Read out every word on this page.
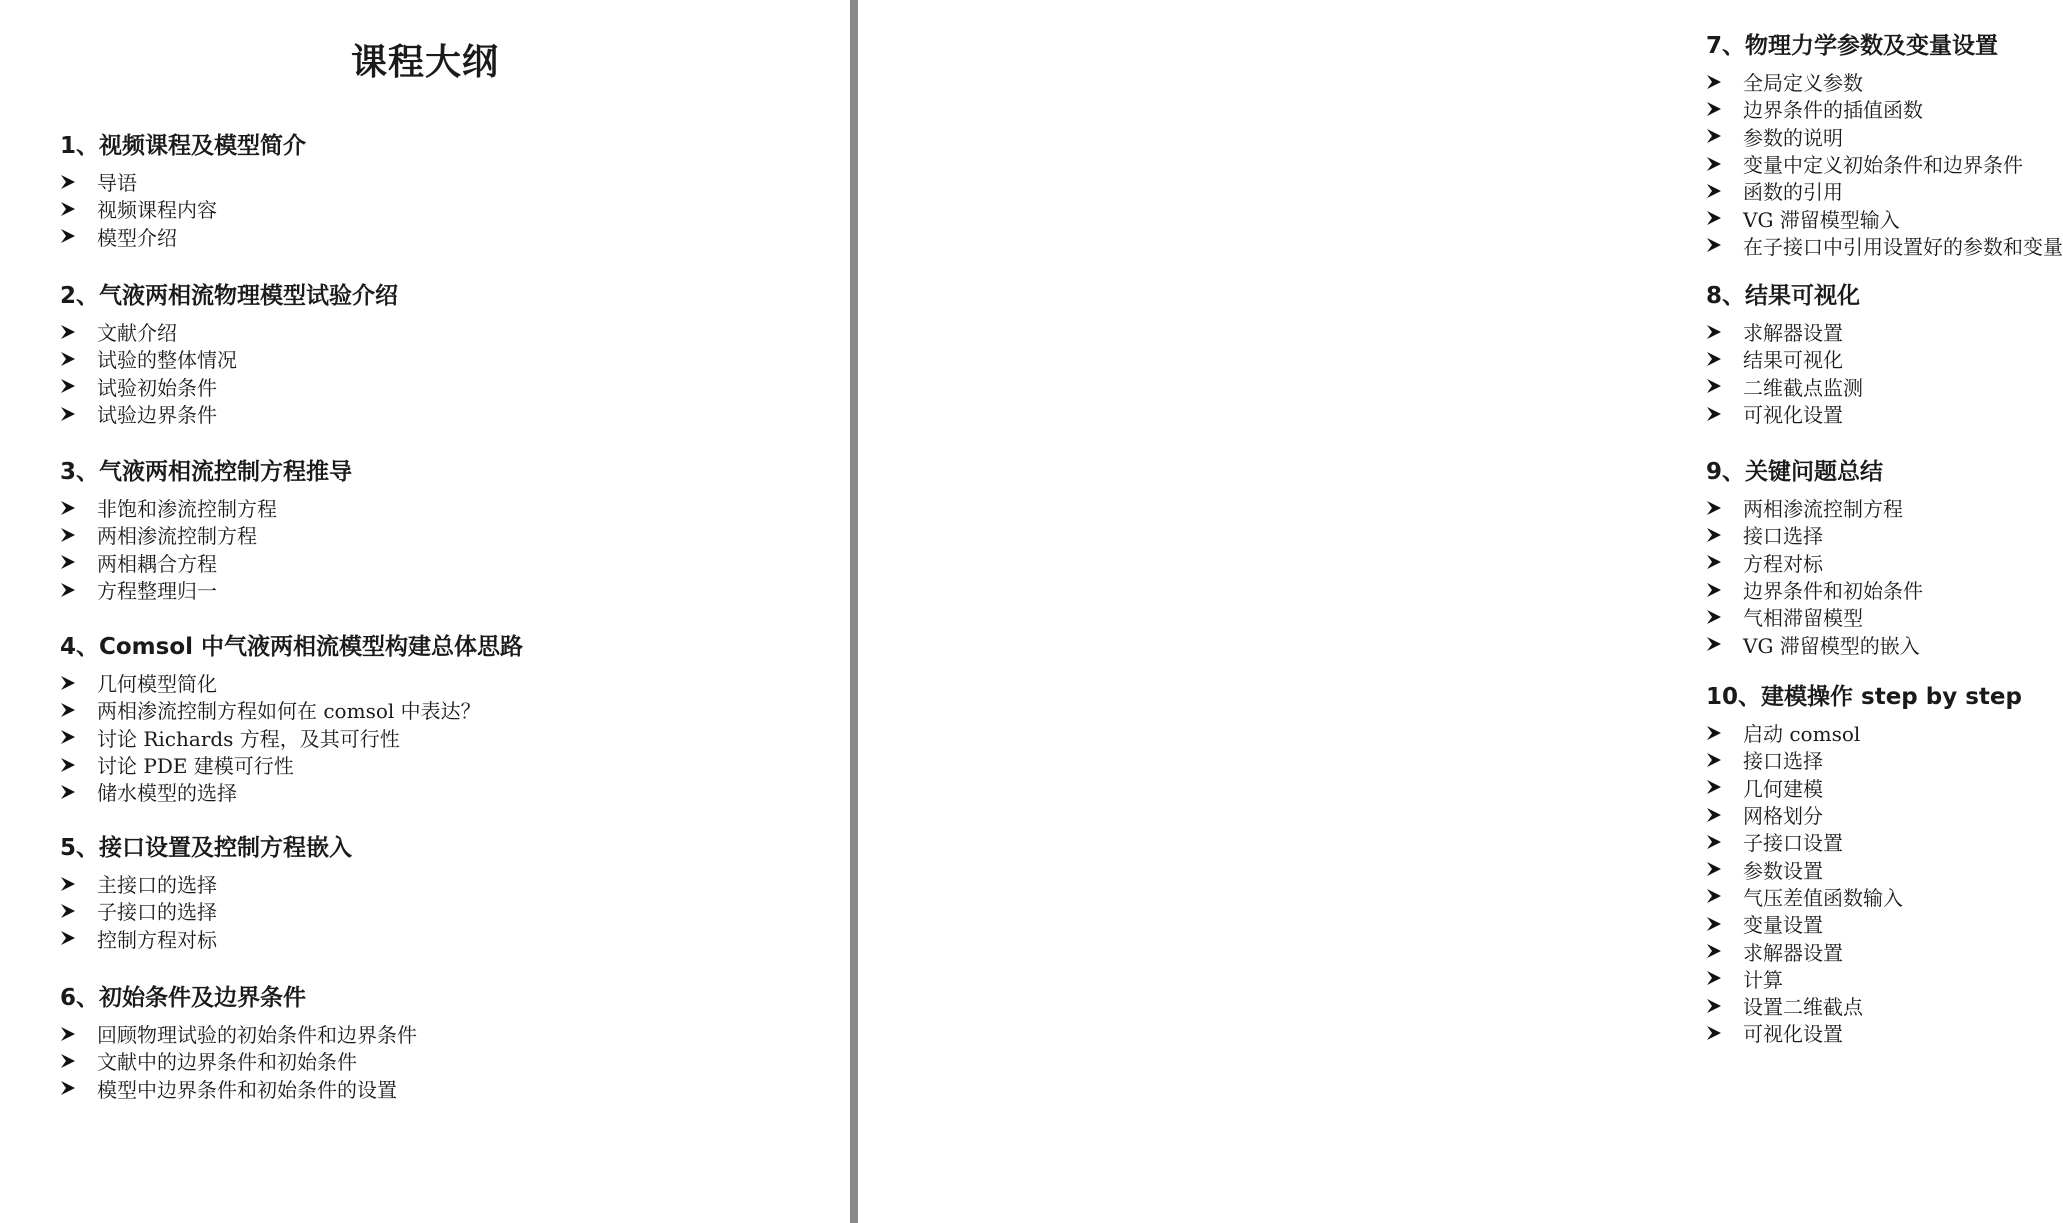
课程大纲
1、视频课程及模型简介
导语
视频课程内容
模型介绍
2、气液两相流物理模型试验介绍
文献介绍
试验的整体情况
试验初始条件
试验边界条件
3、气液两相流控制方程推导
非饱和渗流控制方程
两相渗流控制方程
两相耦合方程
方程整理归一
4、Comsol 中气液两相流模型构建总体思路
几何模型简化
两相渗流控制方程如何在 comsol 中表达？
讨论 Richards 方程，及其可行性
讨论 PDE 建模可行性
储水模型的选择
5、接口设置及控制方程嵌入
主接口的选择
子接口的选择
控制方程对标
6、初始条件及边界条件
回顾物理试验的初始条件和边界条件
文献中的边界条件和初始条件
模型中边界条件和初始条件的设置
7、物理力学参数及变量设置
全局定义参数
边界条件的插值函数
参数的说明
变量中定义初始条件和边界条件
函数的引用
VG 滞留模型输入
在子接口中引用设置好的参数和变量
8、结果可视化
求解器设置
结果可视化
二维截点监测
可视化设置
9、关键问题总结
两相渗流控制方程
接口选择
方程对标
边界条件和初始条件
气相滞留模型
VG 滞留模型的嵌入
10、建模操作 step by step
启动 comsol
接口选择
几何建模
网格划分
子接口设置
参数设置
气压差值函数输入
变量设置
求解器设置
计算
设置二维截点
可视化设置
